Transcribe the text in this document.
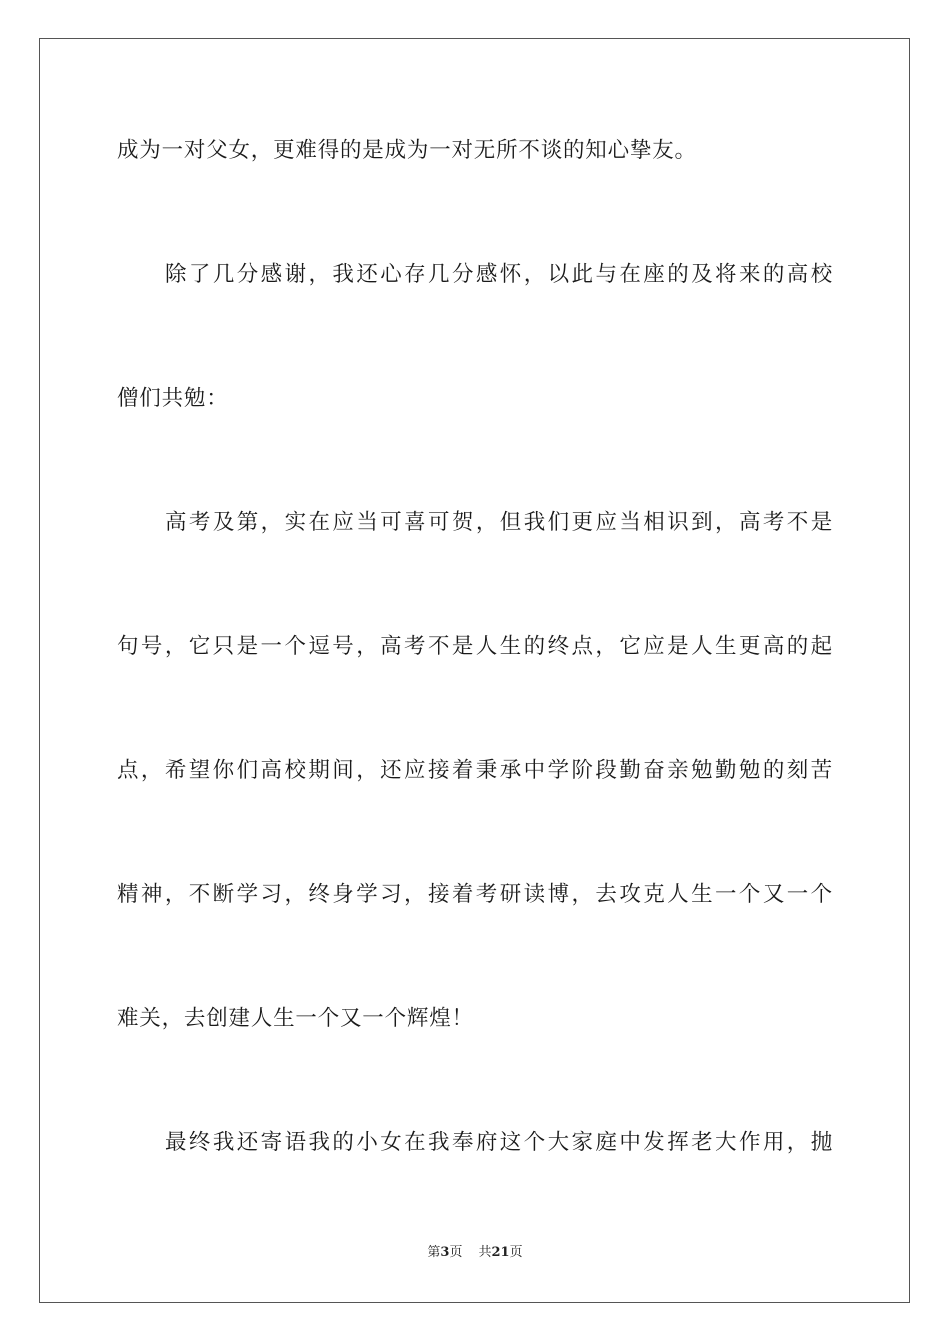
成为一对父女，更难得的是成为一对无所不谈的知心挚友。
除了几分感谢，我还心存几分感怀，以此与在座的及将来的高校
僧们共勉：
高考及第，实在应当可喜可贺，但我们更应当相识到，高考不是
句号，它只是一个逗号，高考不是人生的终点，它应是人生更高的起
点，希望你们高校期间，还应接着秉承中学阶段勤奋亲勉勤勉的刻苦
精神，不断学习，终身学习，接着考研读博，去攻克人生一个又一个
难关，去创建人生一个又一个辉煌！
最终我还寄语我的小女在我奉府这个大家庭中发挥老大作用，抛
第3页 共21页
